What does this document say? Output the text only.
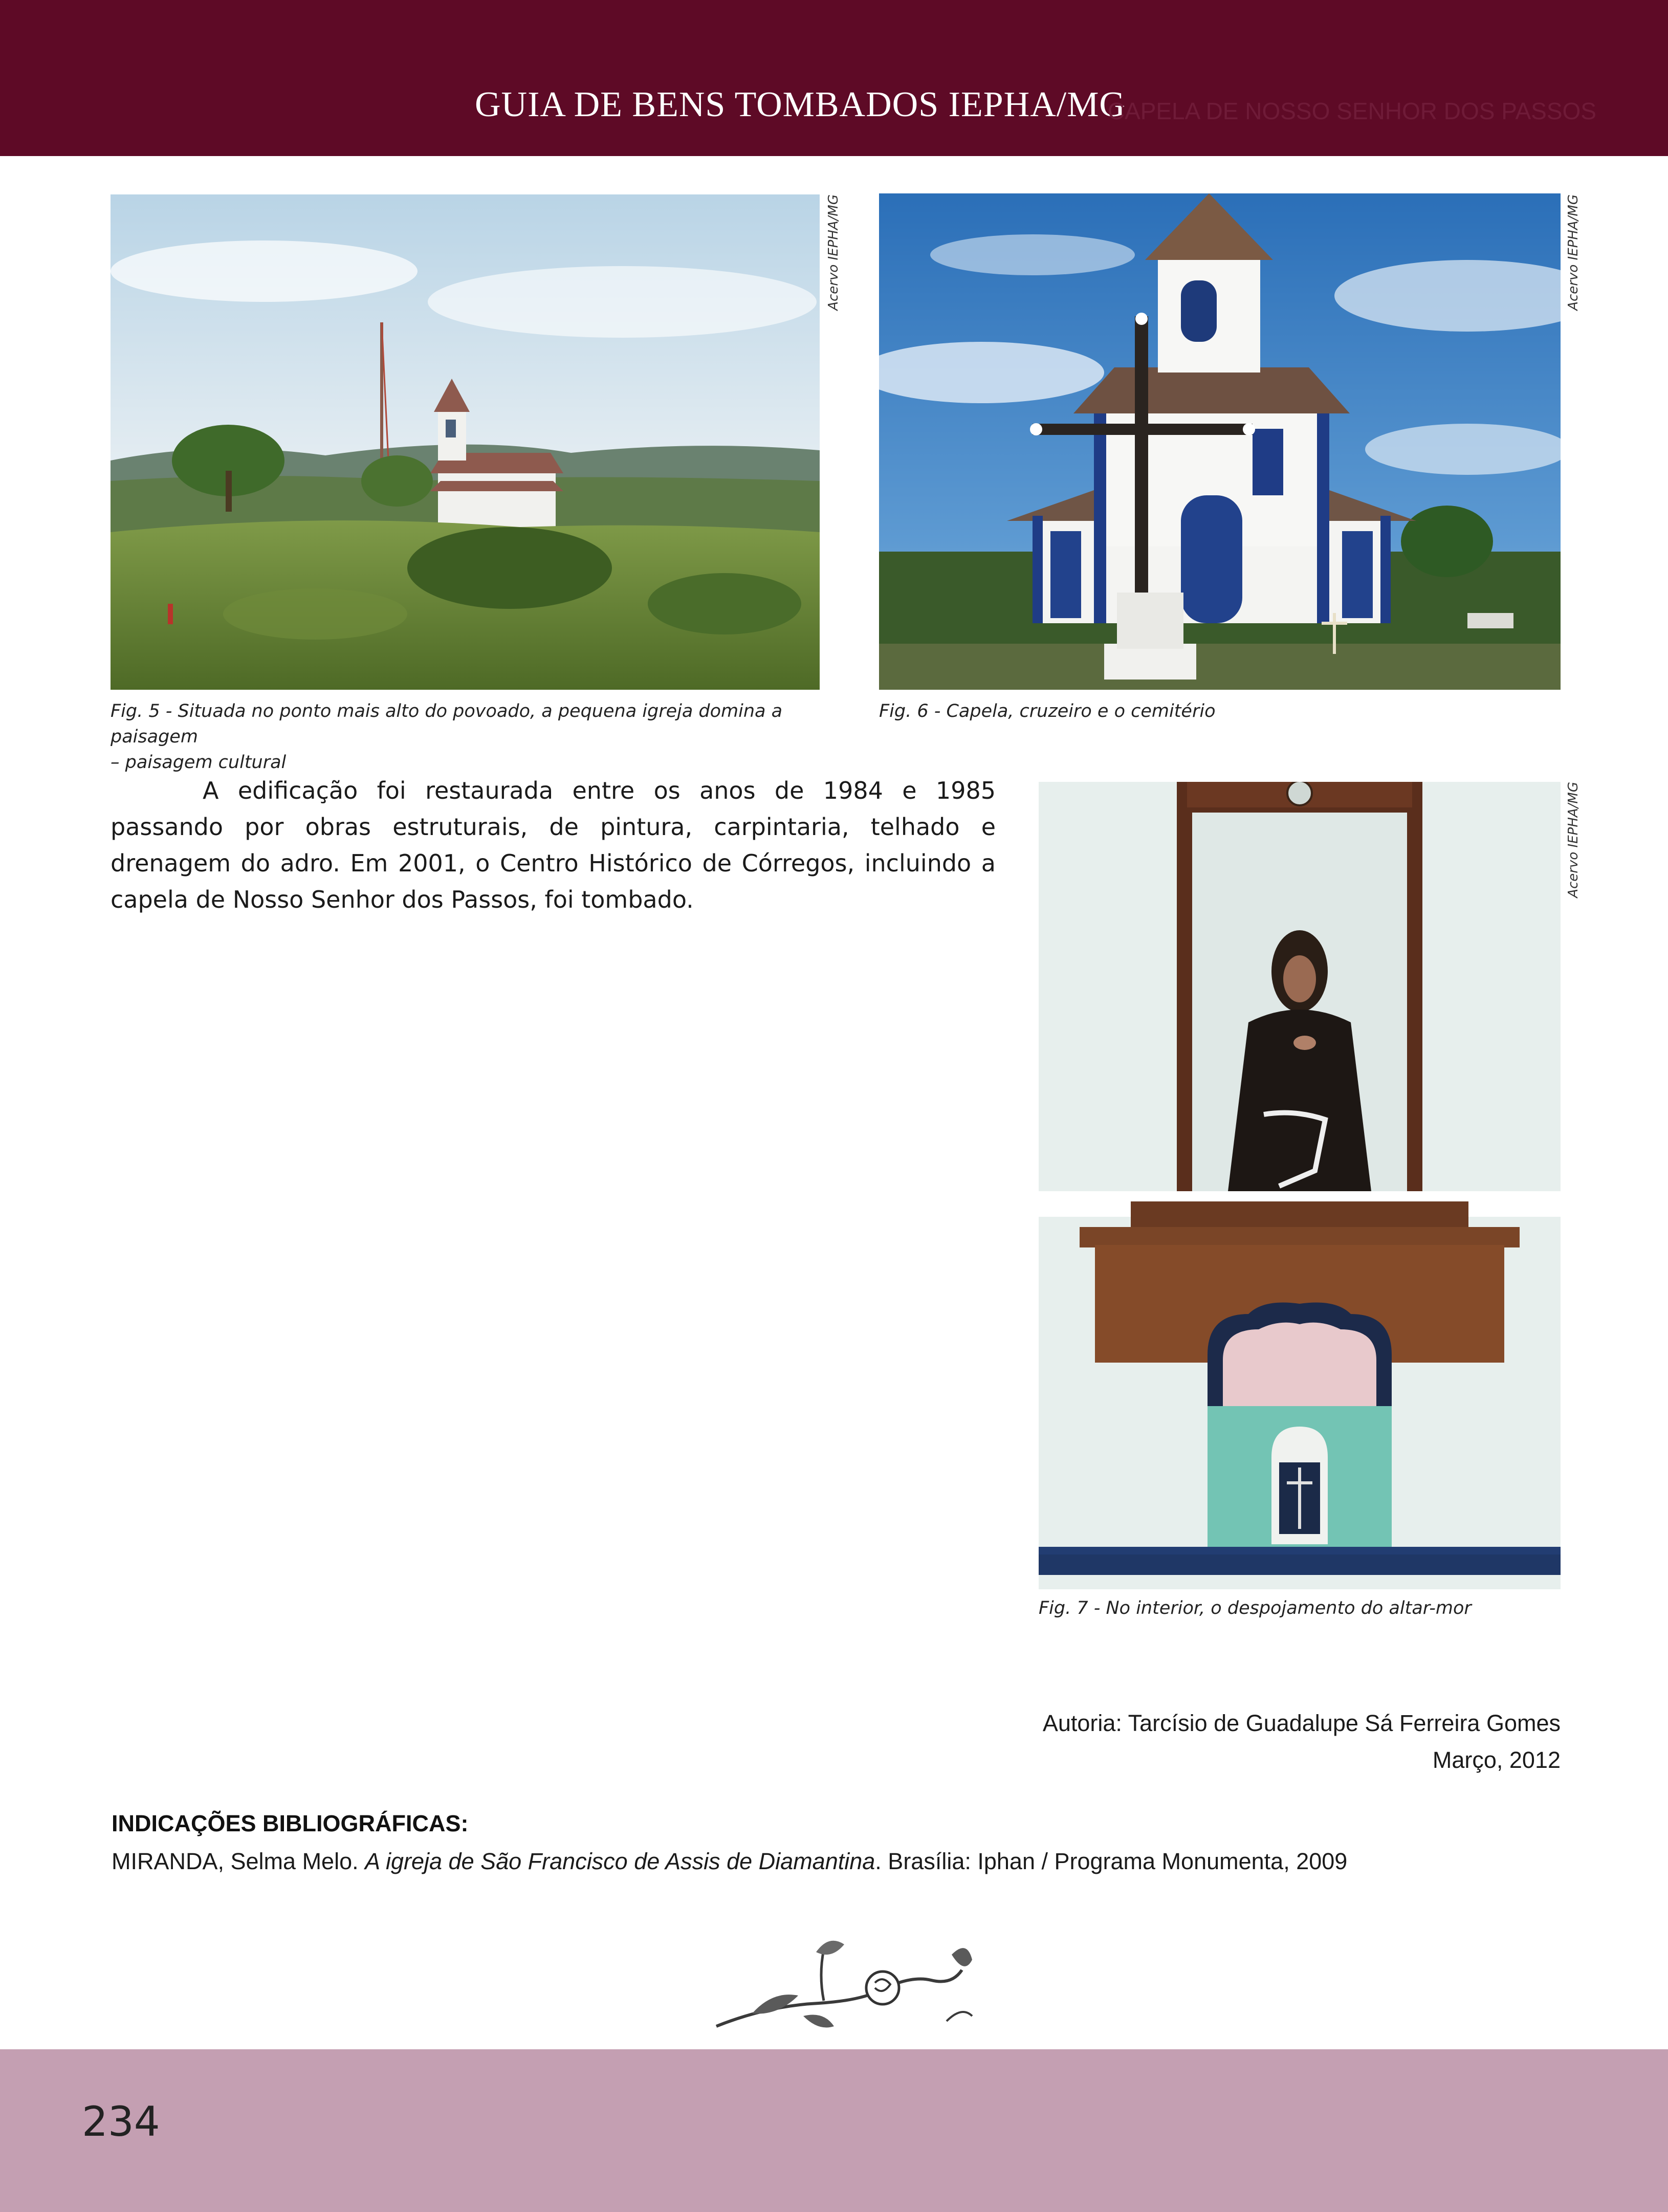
GUIA DE BENS TOMBADOS IEPHA/MG
CAPELA DE NOSSO SENHOR DOS PASSOS
Acervo IEPHA/MG
Fig. 5 - Situada no ponto mais alto do povoado, a pequena igreja domina a paisagem
– paisagem cultural
Acervo IEPHA/MG
Fig. 6 - Capela, cruzeiro e o cemitério

A edificação foi restaurada entre os anos de 1984 e 1985 passando por obras estruturais, de pintura, carpintaria, telhado e drenagem do adro. Em 2001, o Centro Histórico de Córregos, incluindo a capela de Nosso Senhor dos Passos, foi tombado.

Acervo IEPHA/MG
Fig. 7 - No interior, o despojamento do altar-mor
Autoria: Tarcísio de Guadalupe Sá Ferreira Gomes
Março, 2012
INDICAÇÕES BIBLIOGRÁFICAS:
MIRANDA, Selma Melo. A igreja de São Francisco de Assis de Diamantina. Brasília: Iphan / Programa Monumenta, 2009
234
